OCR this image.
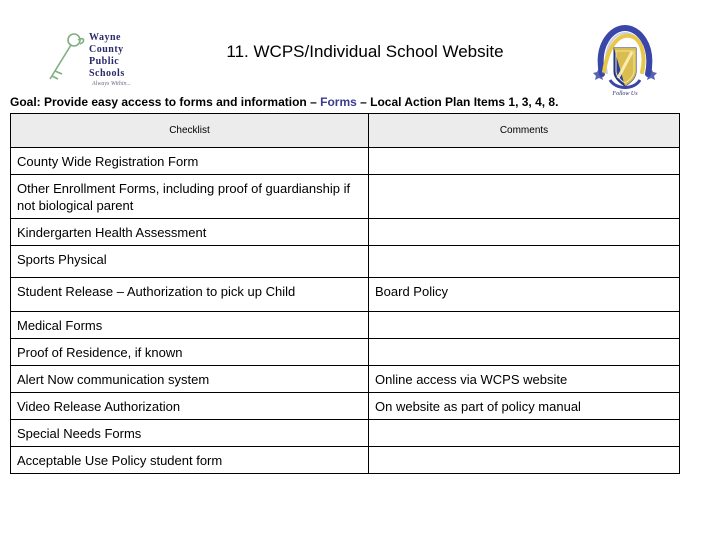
Wayne
County
Public
Schools
Always Within...
11. WCPS/Individual School Website
Follow Us
Goal: Provide easy access to forms and information – Forms – Local Action Plan Items 1, 3, 4, 8.
Checklist	Comments
County Wide Registration Form	
Other Enrollment Forms, including proof of guardianship if not biological parent	
Kindergarten Health Assessment	
Sports Physical	
Student Release – Authorization to pick up Child	Board Policy
Medical Forms	
Proof of Residence, if known	
Alert Now communication system	Online access via WCPS website
Video Release Authorization	On website as part of policy manual
Special Needs Forms	
Acceptable Use Policy student form	
